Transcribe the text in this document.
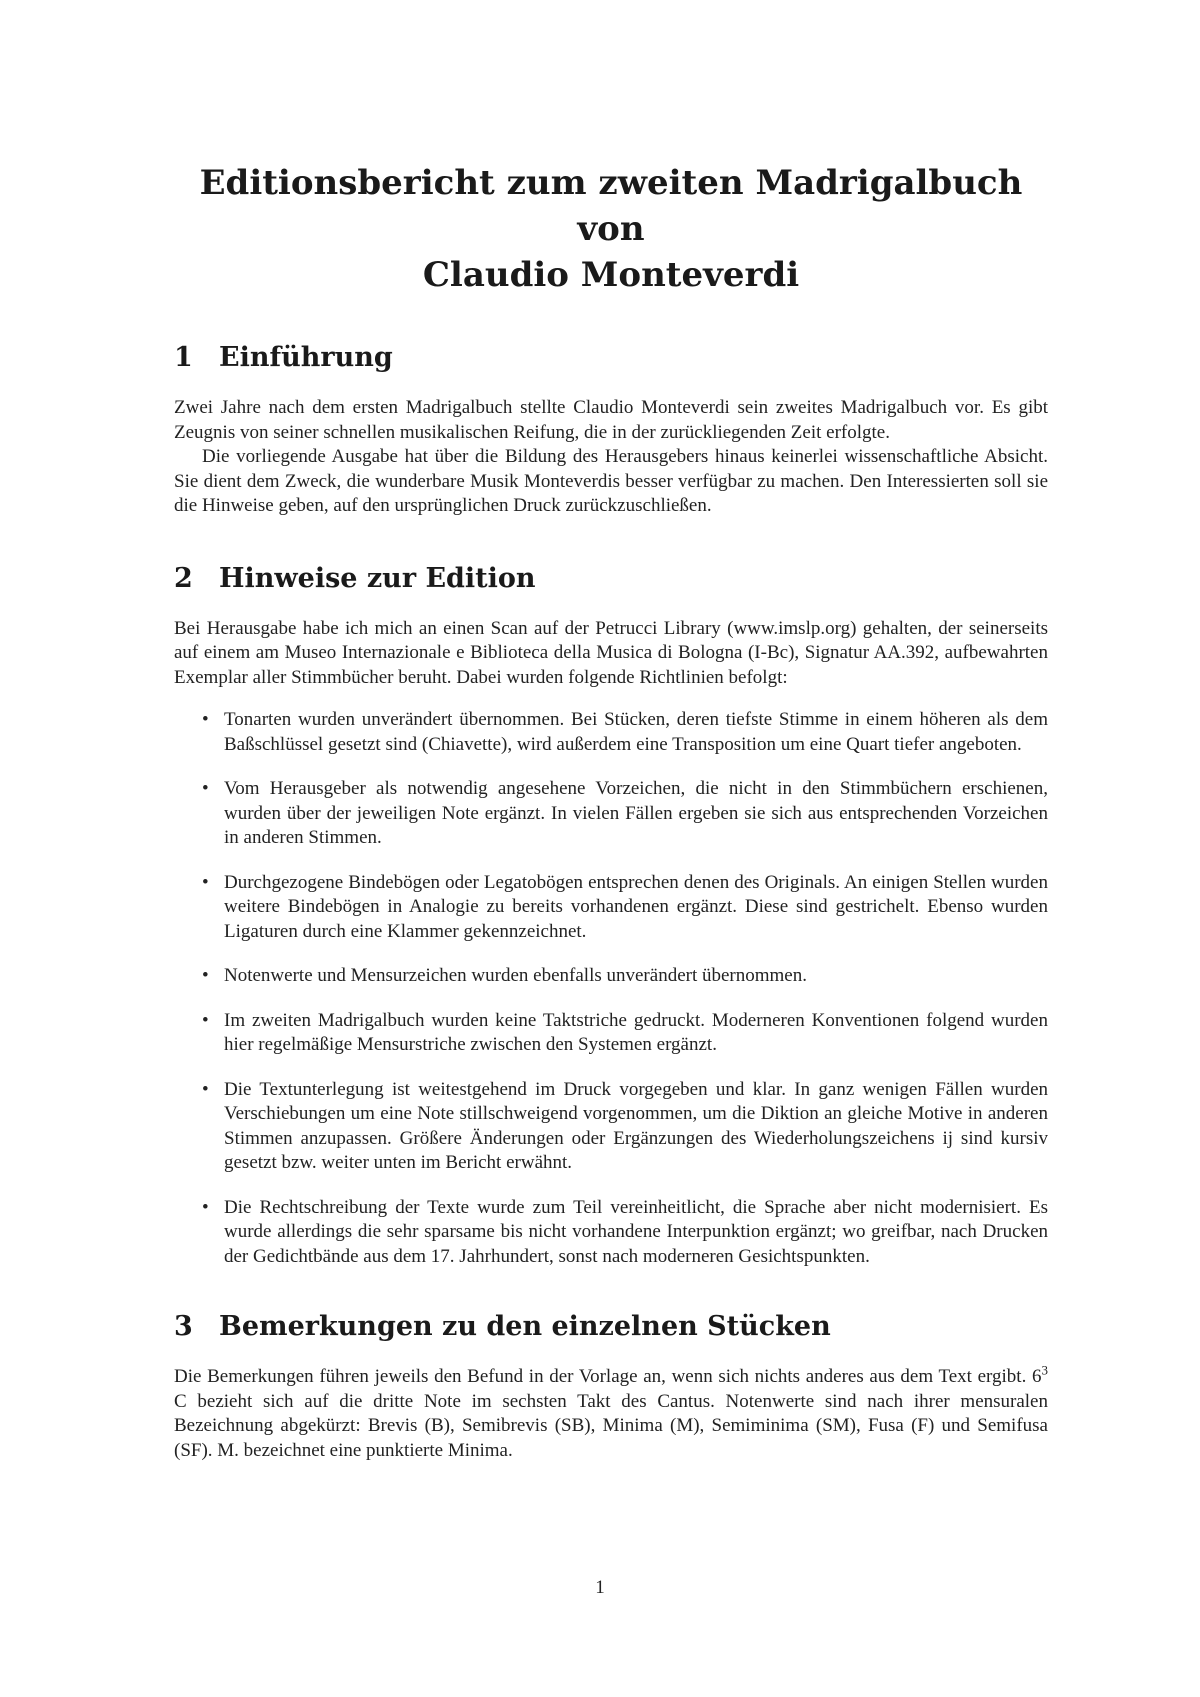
Editionsbericht zum zweiten Madrigalbuch von
Claudio Monteverdi
1 Einführung

Zwei Jahre nach dem ersten Madrigalbuch stellte Claudio Monteverdi sein zweites Madrigalbuch vor. Es gibt Zeugnis von seiner schnellen musikalischen Reifung, die in der zurückliegenden Zeit erfolgte.

Die vorliegende Ausgabe hat über die Bildung des Herausgebers hinaus keinerlei wissenschaftliche Absicht. Sie dient dem Zweck, die wunderbare Musik Monteverdis besser verfügbar zu machen. Den Interessierten soll sie die Hinweise geben, auf den ursprünglichen Druck zurückzuschließen.

2 Hinweise zur Edition

Bei Herausgabe habe ich mich an einen Scan auf der Petrucci Library (www.imslp.org) gehalten, der seinerseits auf einem am Museo Internazionale e Biblioteca della Musica di Bologna (I-Bc), Signatur AA.392, aufbewahrten Exemplar aller Stimmbücher beruht. Dabei wurden folgende Richtlinien befolgt:

• Tonarten wurden unverändert übernommen. Bei Stücken, deren tiefste Stimme in einem höheren als dem Baßschlüssel gesetzt sind (Chiavette), wird außerdem eine Transposition um eine Quart tiefer angeboten.
• Vom Herausgeber als notwendig angesehene Vorzeichen, die nicht in den Stimmbüchern erschienen, wurden über der jeweiligen Note ergänzt. In vielen Fällen ergeben sie sich aus entsprechenden Vorzeichen in anderen Stimmen.
• Durchgezogene Bindebögen oder Legatobögen entsprechen denen des Originals. An einigen Stellen wurden weitere Bindebögen in Analogie zu bereits vorhandenen ergänzt. Diese sind gestrichelt. Ebenso wurden Ligaturen durch eine Klammer gekennzeichnet.
• Notenwerte und Mensurzeichen wurden ebenfalls unverändert übernommen.
• Im zweiten Madrigalbuch wurden keine Taktstriche gedruckt. Moderneren Konventionen folgend wurden hier regelmäßige Mensurstriche zwischen den Systemen ergänzt.
• Die Textunterlegung ist weitestgehend im Druck vorgegeben und klar. In ganz wenigen Fällen wurden Verschiebungen um eine Note stillschweigend vorgenommen, um die Diktion an gleiche Motive in anderen Stimmen anzupassen. Größere Änderungen oder Ergänzungen des Wiederholungszeichens ij sind kursiv gesetzt bzw. weiter unten im Bericht erwähnt.
• Die Rechtschreibung der Texte wurde zum Teil vereinheitlicht, die Sprache aber nicht modernisiert. Es wurde allerdings die sehr sparsame bis nicht vorhandene Interpunktion ergänzt; wo greifbar, nach Drucken der Gedichtbände aus dem 17. Jahrhundert, sonst nach moderneren Gesichtspunkten.
3 Bemerkungen zu den einzelnen Stücken

Die Bemerkungen führen jeweils den Befund in der Vorlage an, wenn sich nichts anderes aus dem Text ergibt. $6^3$ C bezieht sich auf die dritte Note im sechsten Takt des Cantus. Notenwerte sind nach ihrer mensuralen Bezeichnung abgekürzt: Brevis (B), Semibrevis (SB), Minima (M), Semiminima (SM), Fusa (F) und Semifusa (SF). M. bezeichnet eine punktierte Minima.

1
